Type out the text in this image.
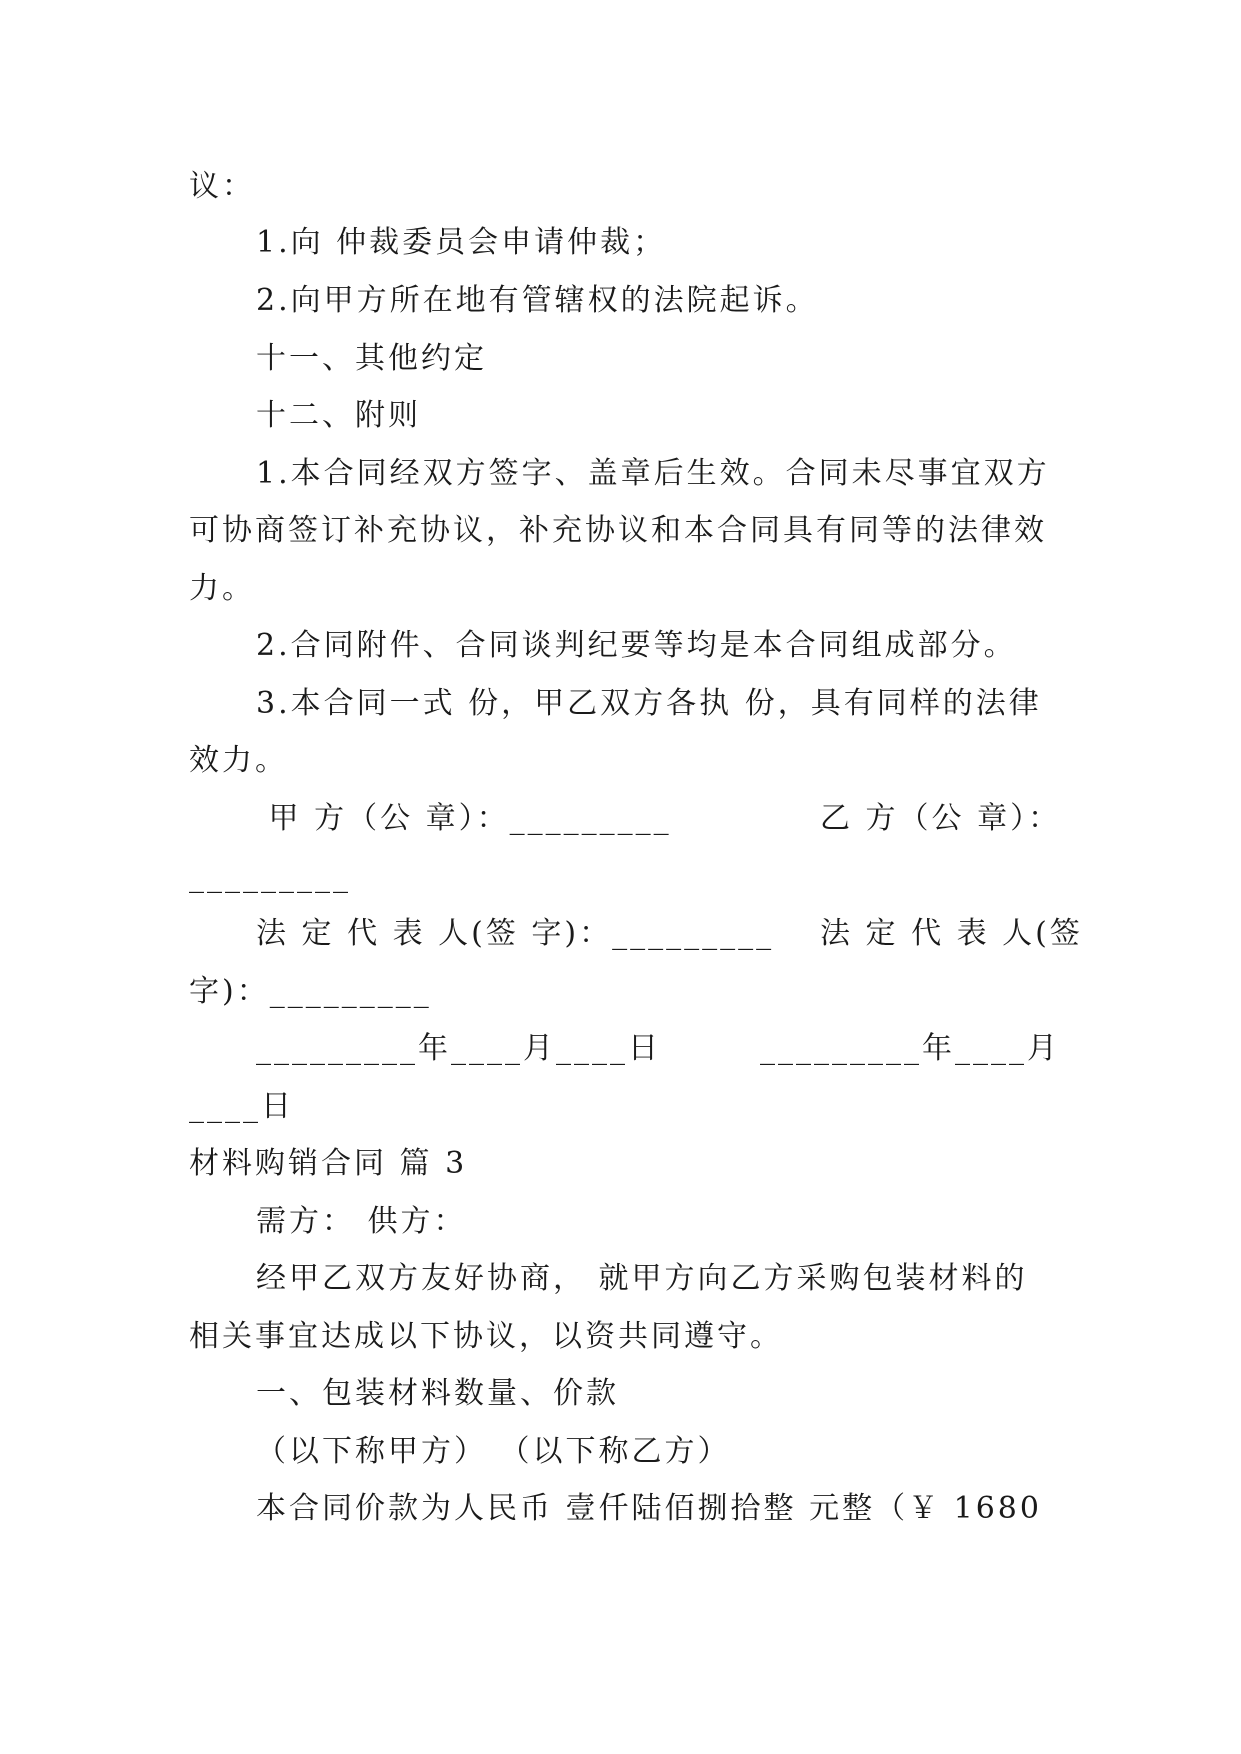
议：
1.向 仲裁委员会申请仲裁；
2.向甲方所在地有管辖权的法院起诉。
十一、其他约定
十二、附则
1.本合同经双方签字、盖章后生效。合同未尽事宜双方
可协商签订补充协议，补充协议和本合同具有同等的法律效
力。
2.合同附件、合同谈判纪要等均是本合同组成部分。
3.本合同一式 份，甲乙双方各执 份，具有同样的法律
效力。
甲 方（公 章）：_________	乙 方（公 章）：
_________
法 定 代 表 人(签 字)：_________ 法 定 代 表 人(签
字)：_________
_________年____月____日	_________年____月
____日
材料购销合同 篇 3
需方： 供方：
经甲乙双方友好协商， 就甲方向乙方采购包装材料的
相关事宜达成以下协议，以资共同遵守。
一、包装材料数量、价款
（以下称甲方） （以下称乙方）
本合同价款为人民币 壹仟陆佰捌拾整 元整（￥ 1680
